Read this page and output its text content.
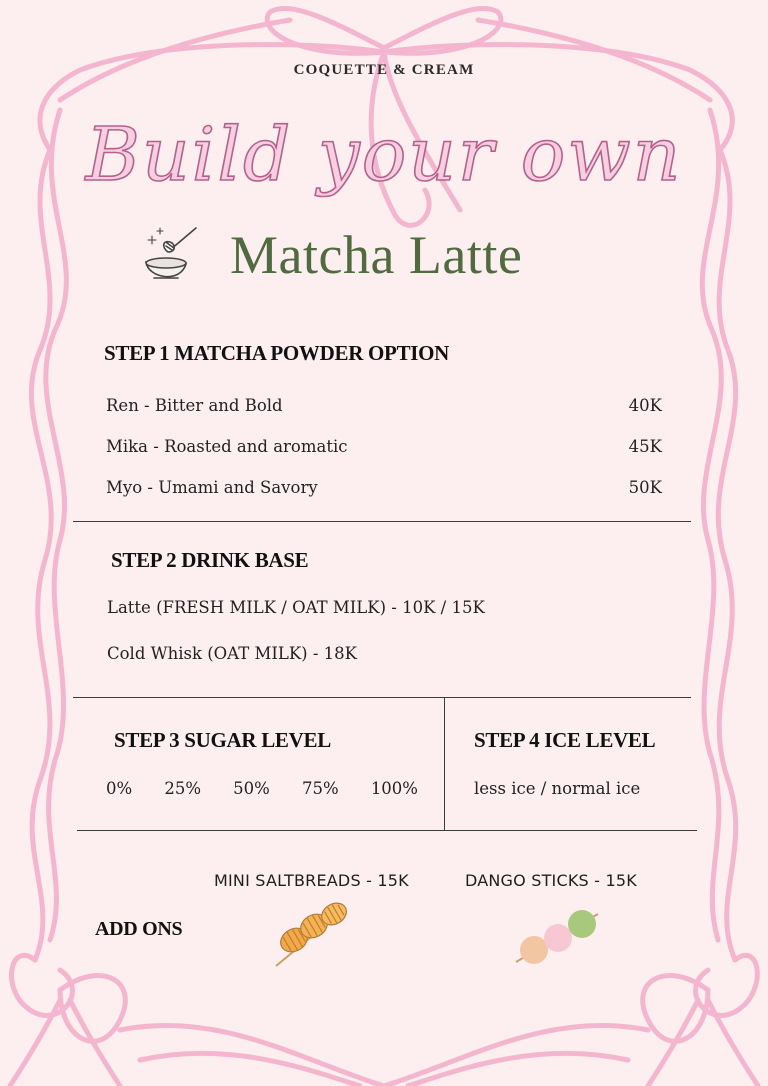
COQUETTE & CREAM
Build your own
Matcha Latte
STEP 1 MATCHA POWDER OPTION
Ren - Bitter and Bold	40K
Mika - Roasted and aromatic	45K
Myo - Umami and Savory	50K
STEP 2 DRINK BASE
Latte (FRESH MILK / OAT MILK) - 10K / 15K
Cold Whisk (OAT MILK) - 18K
STEP 3 SUGAR LEVEL
0% 25% 50% 75% 100%
STEP 4 ICE LEVEL
less ice / normal ice
MINI SALTBREADS - 15K	DANGO STICKS - 15K
ADD ONS
